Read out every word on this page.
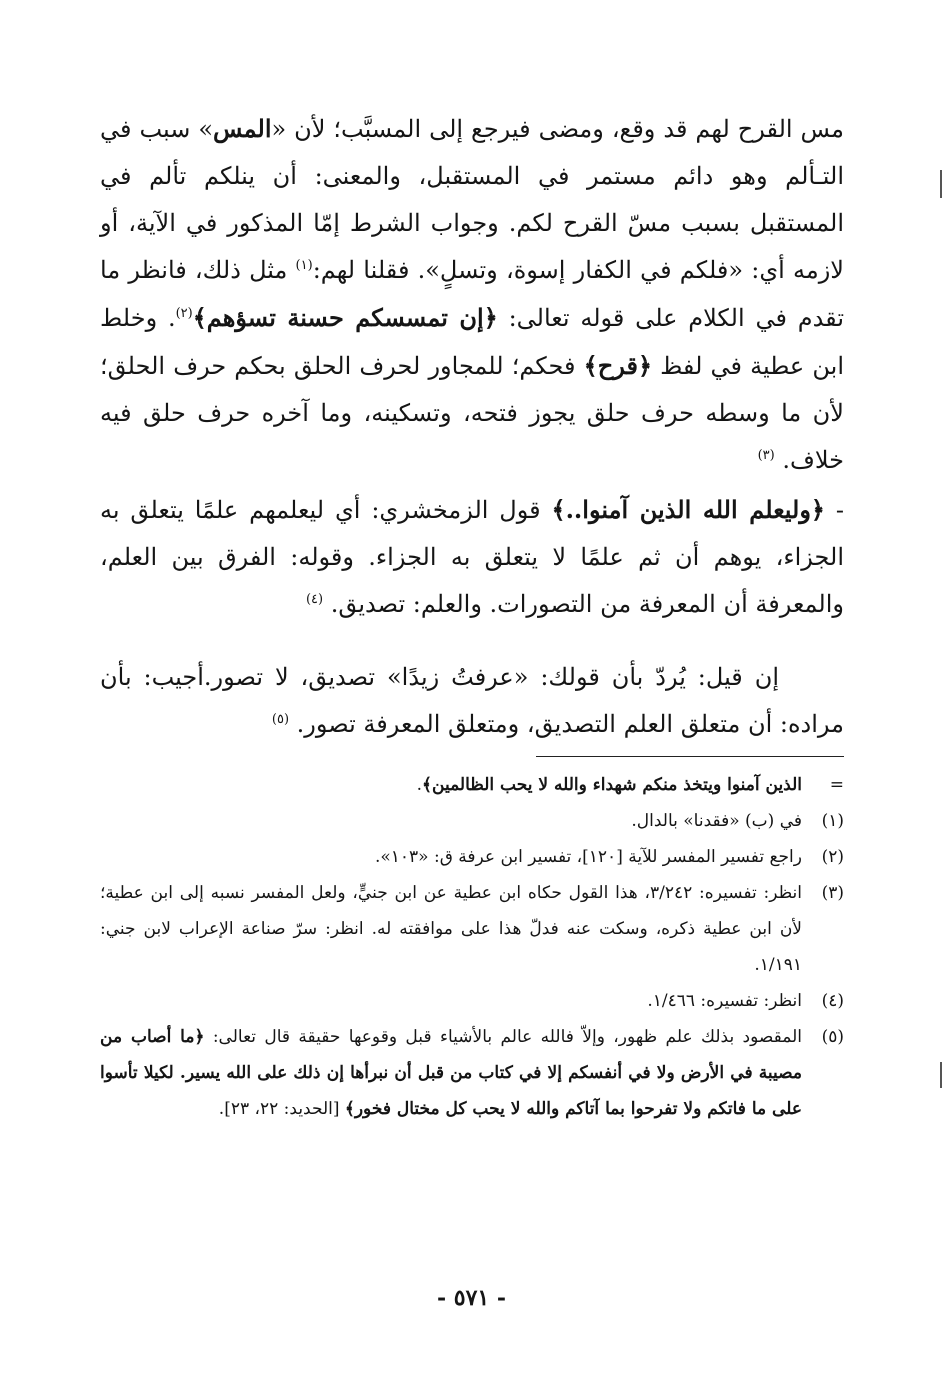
مس القرح لهم قد وقع، ومضى فيرجع إلى المسبَّب؛ لأن «المس» سبب في التـألم وهو دائم مستمر في المستقبل، والمعنى: أن ينلكم تألم في المستقبل بسبب مسّ القرح لكم. وجواب الشرط إمّا المذكور في الآية، أو لازمه أي: «فلكم في الكفار إسوة، وتسلٍ». فقلنا لهم:$^{(١)}$ مثل ذلك، فانظر ما تقدم في الكلام على قوله تعالى: ﴿إن تمسسكم حسنة تسؤهم﴾$^{(٢)}$. وخلط ابن عطية في لفظ ﴿قرح﴾ فحكم؛ للمجاور لحرف الحلق بحكم حرف الحلق؛ لأن ما وسطه حرف حلق يجوز فتحه، وتسكينه، وما آخره حرف حلق فيه خلاف. $^{(٣)}$

- ﴿وليعلم الله الذين آمنوا..﴾ قول الزمخشري: أي ليعلمهم علمًا يتعلق به الجزاء، يوهم أن ثم علمًا لا يتعلق به الجزاء. وقوله: الفرق بين العلم، والمعرفة أن المعرفة من التصورات. والعلم: تصديق. $^{(٤)}$

إن قيل: يُردّ بأن قولك: «عرفتُ زيدًا» تصديق، لا تصور.أجيب: بأن مراده: أن متعلق العلم التصديق، ومتعلق المعرفة تصور. $^{(٥)}$

=
الذين آمنوا ويتخذ منكم شهداء والله لا يحب الظالمين﴾.
(١)
في (ب) «فقدنا» بالدال.
(٢)
راجع تفسير المفسر للآية [١٢٠]، تفسير ابن عرفة ق: «١٠٣».
(٣)
انظر: تفسيره: ٣/٢٤٢، هذا القول حكاه ابن عطية عن ابن جنيٍّ، ولعل المفسر نسبه إلى ابن عطية؛ لأن ابن عطية ذكره، وسكت عنه فدلّ هذا على موافقته له. انظر: سرّ صناعة الإعراب لابن جني: ١/١٩١.
(٤)
انظر: تفسيره: ١/٤٦٦.
(٥)
المقصود بذلك علم ظهور، وإلاّ فالله عالم بالأشياء قبل وقوعها حقيقة قال تعالى: ﴿ما أصاب من مصيبة في الأرض ولا في أنفسكم إلا في كتاب من قبل أن نبرأها إن ذلك على الله يسير. لكيلا تأسوا على ما فاتكم ولا تفرحوا بما آتاكم والله لا يحب كل مختال فخور﴾ [الحديد: ٢٢، ٢٣].
- ٥٧١ -
